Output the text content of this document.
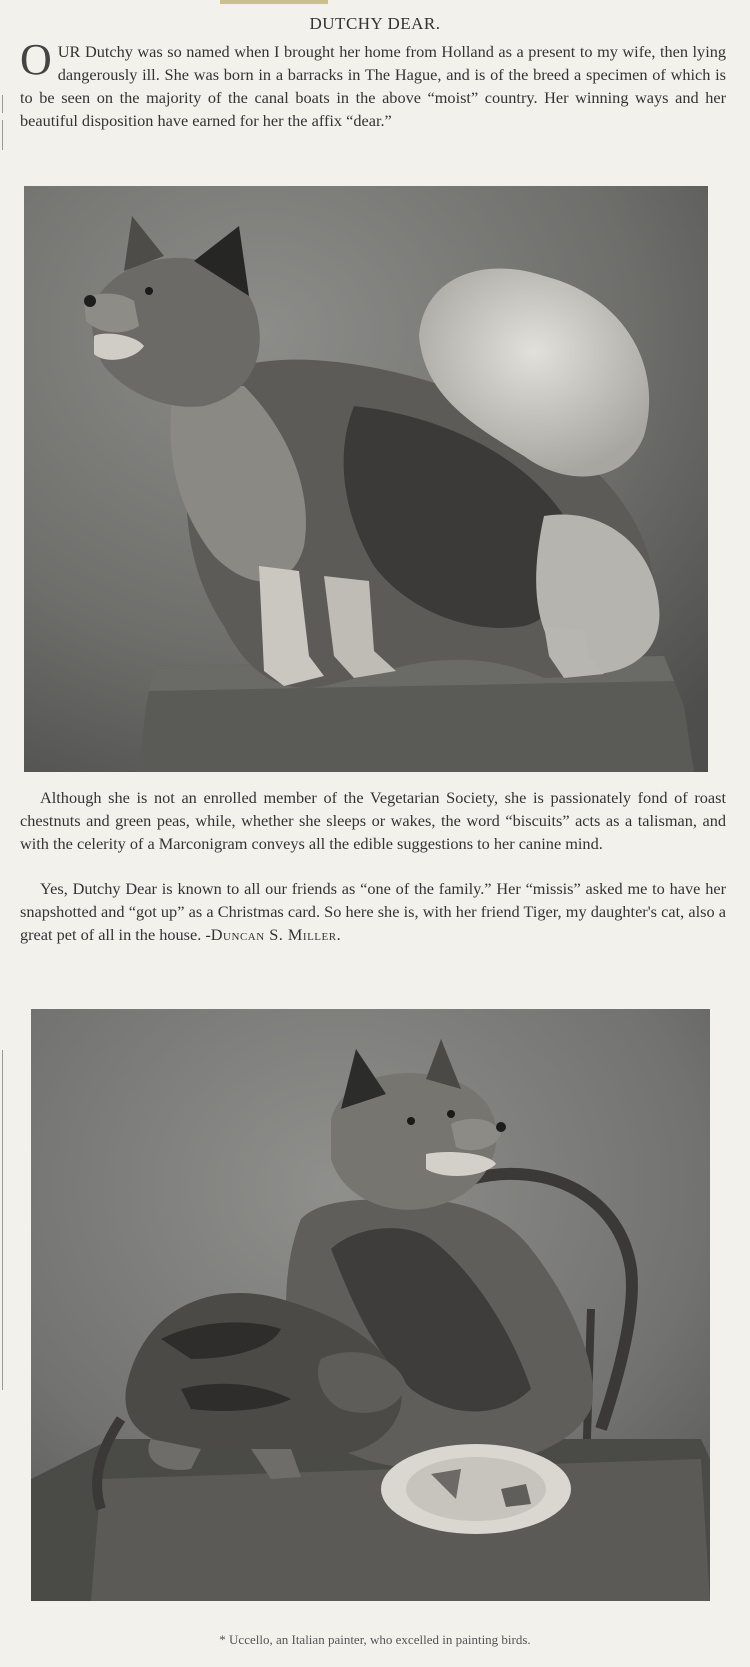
DUTCHY DEAR.
OUR Dutchy was so named when I brought her home from Holland as a present to my wife, then lying dangerously ill. She was born in a barracks in The Hague, and is of the breed a specimen of which is to be seen on the majority of the canal boats in the above “moist” country. Her winning ways and her beautiful disposition have earned for her the affix “dear.”
Although she is not an enrolled member of the Vegetarian Society, she is passionately fond of roast chestnuts and green peas, while, whether she sleeps or wakes, the word “biscuits” acts as a talisman, and with the celerity of a Marconigram conveys all the edible suggestions to her canine mind.
Yes, Dutchy Dear is known to all our friends as “one of the family.” Her “missis” asked me to have her snapshotted and “got up” as a Christmas card. So here she is, with her friend Tiger, my daughter's cat, also a great pet of all in the house. -Duncan S. Miller.
* Uccello, an Italian painter, who excelled in painting birds.
